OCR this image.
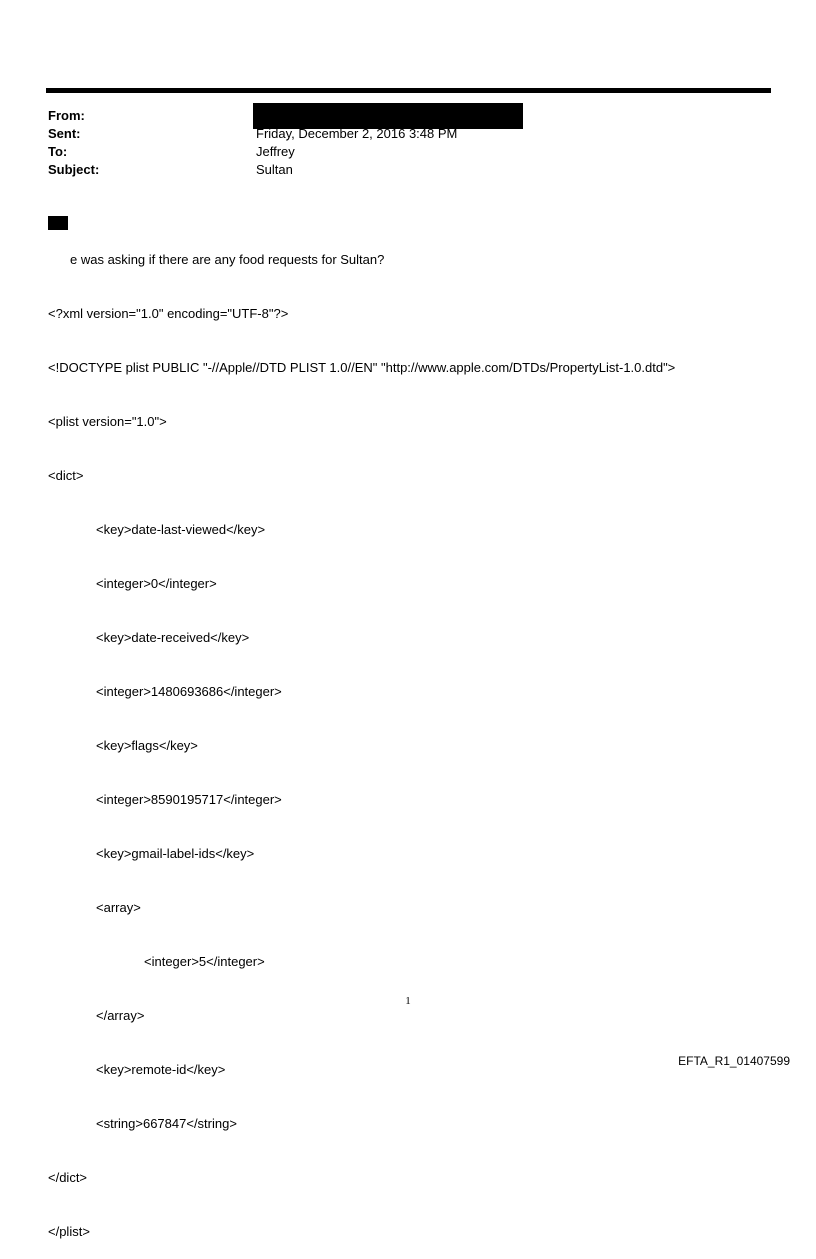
From:
Sent:	Friday, December 2, 2016 3:48 PM
To:	Jeffrey
Subject:	Sultan

e was asking if there are any food requests for Sultan?

<?xml version="1.0" encoding="UTF-8"?>

<!DOCTYPE plist PUBLIC "-//Apple//DTD PLIST 1.0//EN" "http://www.apple.com/DTDs/PropertyList-1.0.dtd">

<plist version="1.0">

<dict>

<key>date-last-viewed</key>

<integer>0</integer>

<key>date-received</key>

<integer>1480693686</integer>

<key>flags</key>

<integer>8590195717</integer>

<key>gmail-label-ids</key>

<array>

<integer>5</integer>

</array>

<key>remote-id</key>

<string>667847</string>

</dict>

</plist>

1
EFTA_R1_01407599
